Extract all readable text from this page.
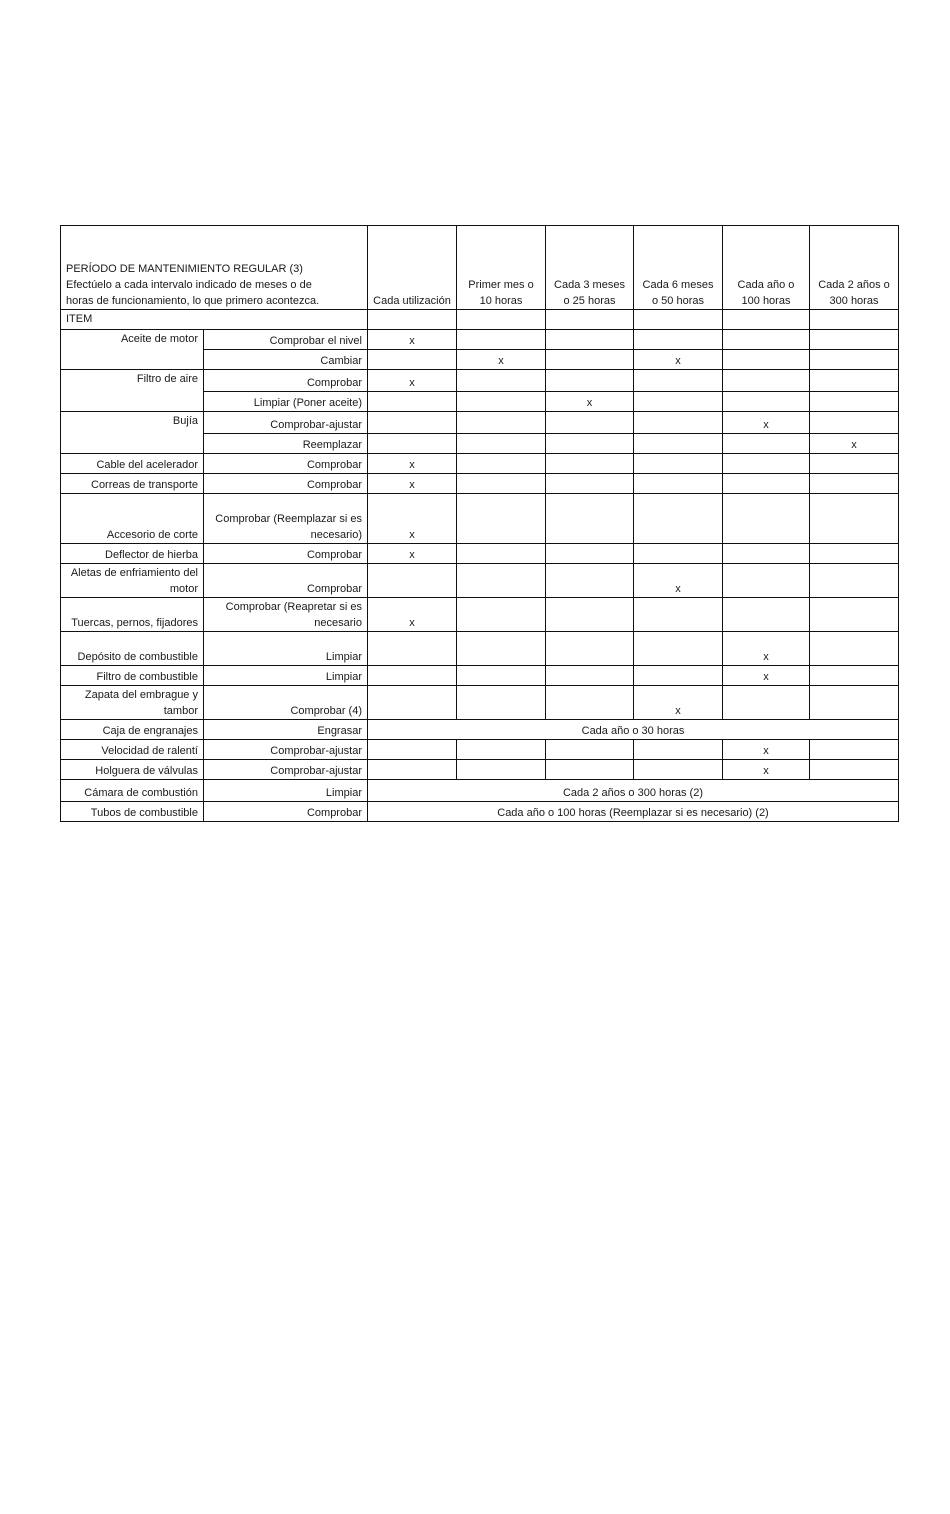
PERÍODO DE MANTENIMIENTO REGULAR (3)
Efectúelo a cada intervalo indicado de meses o de
horas de funcionamiento, lo que primero acontezca.		Cada utilización	Primer mes o 10 horas	Cada 3 meses o 25 horas	Cada 6 meses o 50 horas	Cada año o 100 horas	Cada 2 años o 300 horas
ITEM							
Aceite de motor	Comprobar el nivel	x					
	Cambiar		x		x		
Filtro de aire	Comprobar	x					
	Limpiar (Poner aceite)			x			
Bujía	Comprobar-ajustar					x	
	Reemplazar						x
Cable del acelerador	Comprobar	x					
Correas de transporte	Comprobar	x					
Accesorio de corte	Comprobar (Reemplazar si es necesario)	x					
Deflector de hierba	Comprobar	x					
Aletas de enfriamiento del motor	Comprobar				x		
Tuercas, pernos, fijadores	Comprobar (Reapretar si es necesario	x					
Depósito de combustible	Limpiar					x	
Filtro de combustible	Limpiar					x	
Zapata del embrague y tambor	Comprobar (4)				x		
Caja de engranajes	Engrasar	Cada año o 30 horas					
Velocidad de ralentí	Comprobar-ajustar					x	
Holguera de válvulas	Comprobar-ajustar					x	
Cámara de combustión	Limpiar	Cada 2 años o 300 horas (2)					
Tubos de combustible	Comprobar	Cada año o 100 horas (Reemplazar si es necesario) (2)					
